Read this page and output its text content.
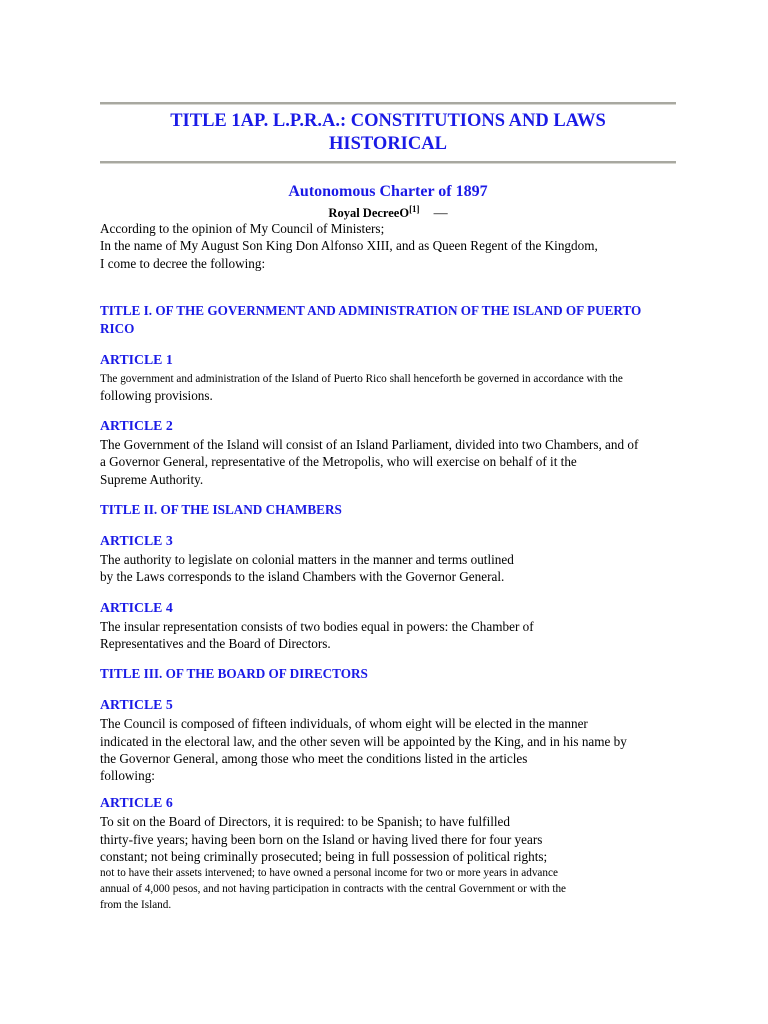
TITLE 1AP. L.P.R.A.: CONSTITUTIONS AND LAWS
HISTORICAL
Autonomous Charter of 1897
Royal DecreeO[1] —

According to the opinion of My Council of Ministers;

In the name of My August Son King Don Alfonso XIII, and as Queen Regent of the Kingdom,

I come to decree the following:

TITLE I. OF THE GOVERNMENT AND ADMINISTRATION OF THE ISLAND OF PUERTO RICO

ARTICLE 1

The government and administration of the Island of Puerto Rico shall henceforth be governed in accordance with the

following provisions.

ARTICLE 2

The Government of the Island will consist of an Island Parliament, divided into two Chambers, and of

a Governor General, representative of the Metropolis, who will exercise on behalf of it the

Supreme Authority.

TITLE II. OF THE ISLAND CHAMBERS

ARTICLE 3

The authority to legislate on colonial matters in the manner and terms outlined

by the Laws corresponds to the island Chambers with the Governor General.

ARTICLE 4

The insular representation consists of two bodies equal in powers: the Chamber of

Representatives and the Board of Directors.

TITLE III. OF THE BOARD OF DIRECTORS

ARTICLE 5

The Council is composed of fifteen individuals, of whom eight will be elected in the manner

indicated in the electoral law, and the other seven will be appointed by the King, and in his name by

the Governor General, among those who meet the conditions listed in the articles

following:

ARTICLE 6

To sit on the Board of Directors, it is required: to be Spanish; to have fulfilled

thirty-five years; having been born on the Island or having lived there for four years

constant; not being criminally prosecuted; being in full possession of political rights;

not to have their assets intervened; to have owned a personal income for two or more years in advance

annual of 4,000 pesos, and not having participation in contracts with the central Government or with the

from the Island.
